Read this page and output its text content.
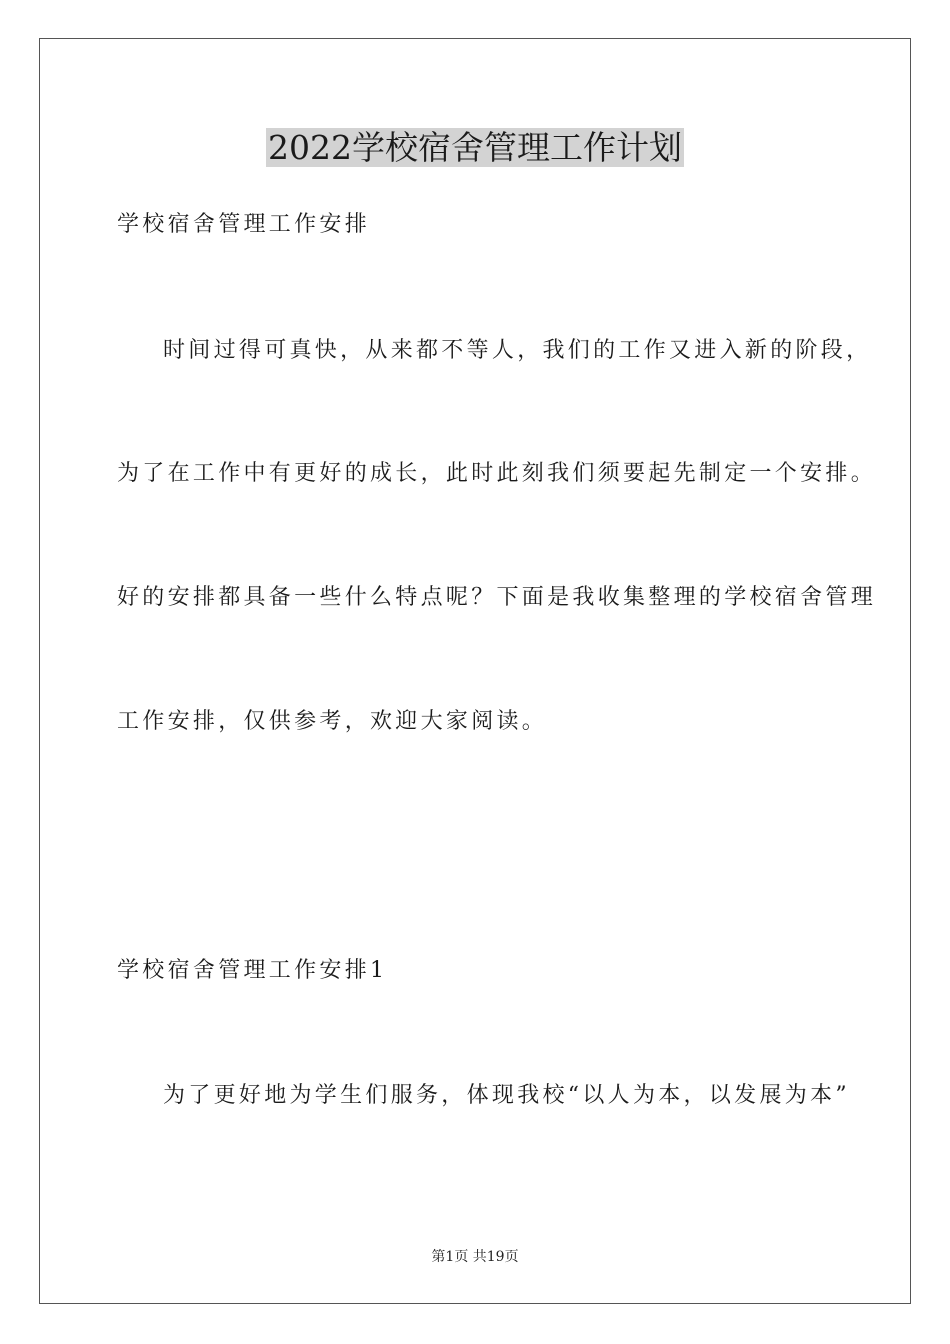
2022学校宿舍管理工作计划
学校宿舍管理工作安排
时间过得可真快，从来都不等人，我们的工作又进入新的阶段，
为了在工作中有更好的成长，此时此刻我们须要起先制定一个安排。
好的安排都具备一些什么特点呢？下面是我收集整理的学校宿舍管理
工作安排，仅供参考，欢迎大家阅读。
学校宿舍管理工作安排1
为了更好地为学生们服务，体现我校“以人为本，以发展为本”
第1页 共19页
